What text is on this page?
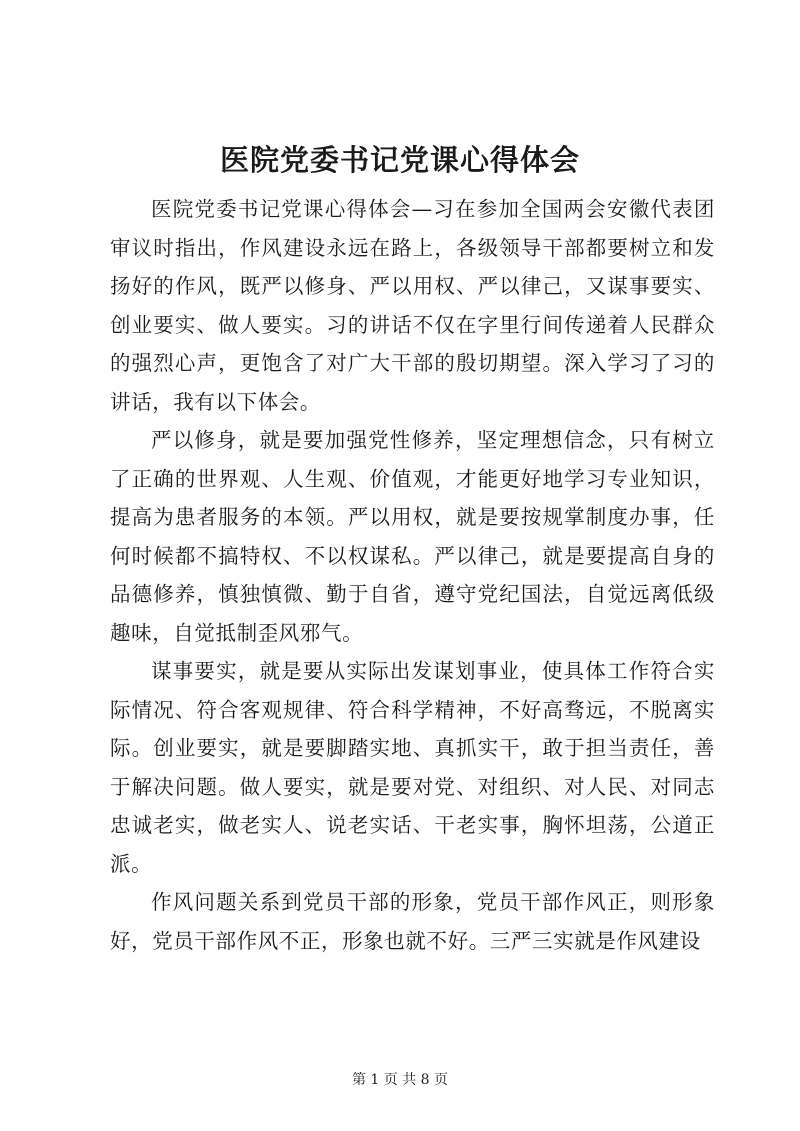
医院党委书记党课心得体会

医院党委书记党课心得体会—习在参加全国两会安徽代表团审议时指出，作风建设永远在路上，各级领导干部都要树立和发扬好的作风，既严以修身、严以用权、严以律己，又谋事要实、创业要实、做人要实。习的讲话不仅在字里行间传递着人民群众的强烈心声，更饱含了对广大干部的殷切期望。深入学习了习的讲话，我有以下体会。

严以修身，就是要加强党性修养，坚定理想信念，只有树立了正确的世界观、人生观、价值观，才能更好地学习专业知识，提高为患者服务的本领。严以用权，就是要按规掌制度办事，任何时候都不搞特权、不以权谋私。严以律己，就是要提高自身的品德修养，慎独慎微、勤于自省，遵守党纪国法，自觉远离低级趣味，自觉抵制歪风邪气。

谋事要实，就是要从实际出发谋划事业，使具体工作符合实际情况、符合客观规律、符合科学精神，不好高骛远，不脱离实际。创业要实，就是要脚踏实地、真抓实干，敢于担当责任，善于解决问题。做人要实，就是要对党、对组织、对人民、对同志忠诚老实，做老实人、说老实话、干老实事，胸怀坦荡，公道正派。

作风问题关系到党员干部的形象，党员干部作风正，则形象好，党员干部作风不正，形象也就不好。三严三实就是作风建设

第 1 页 共 8 页
